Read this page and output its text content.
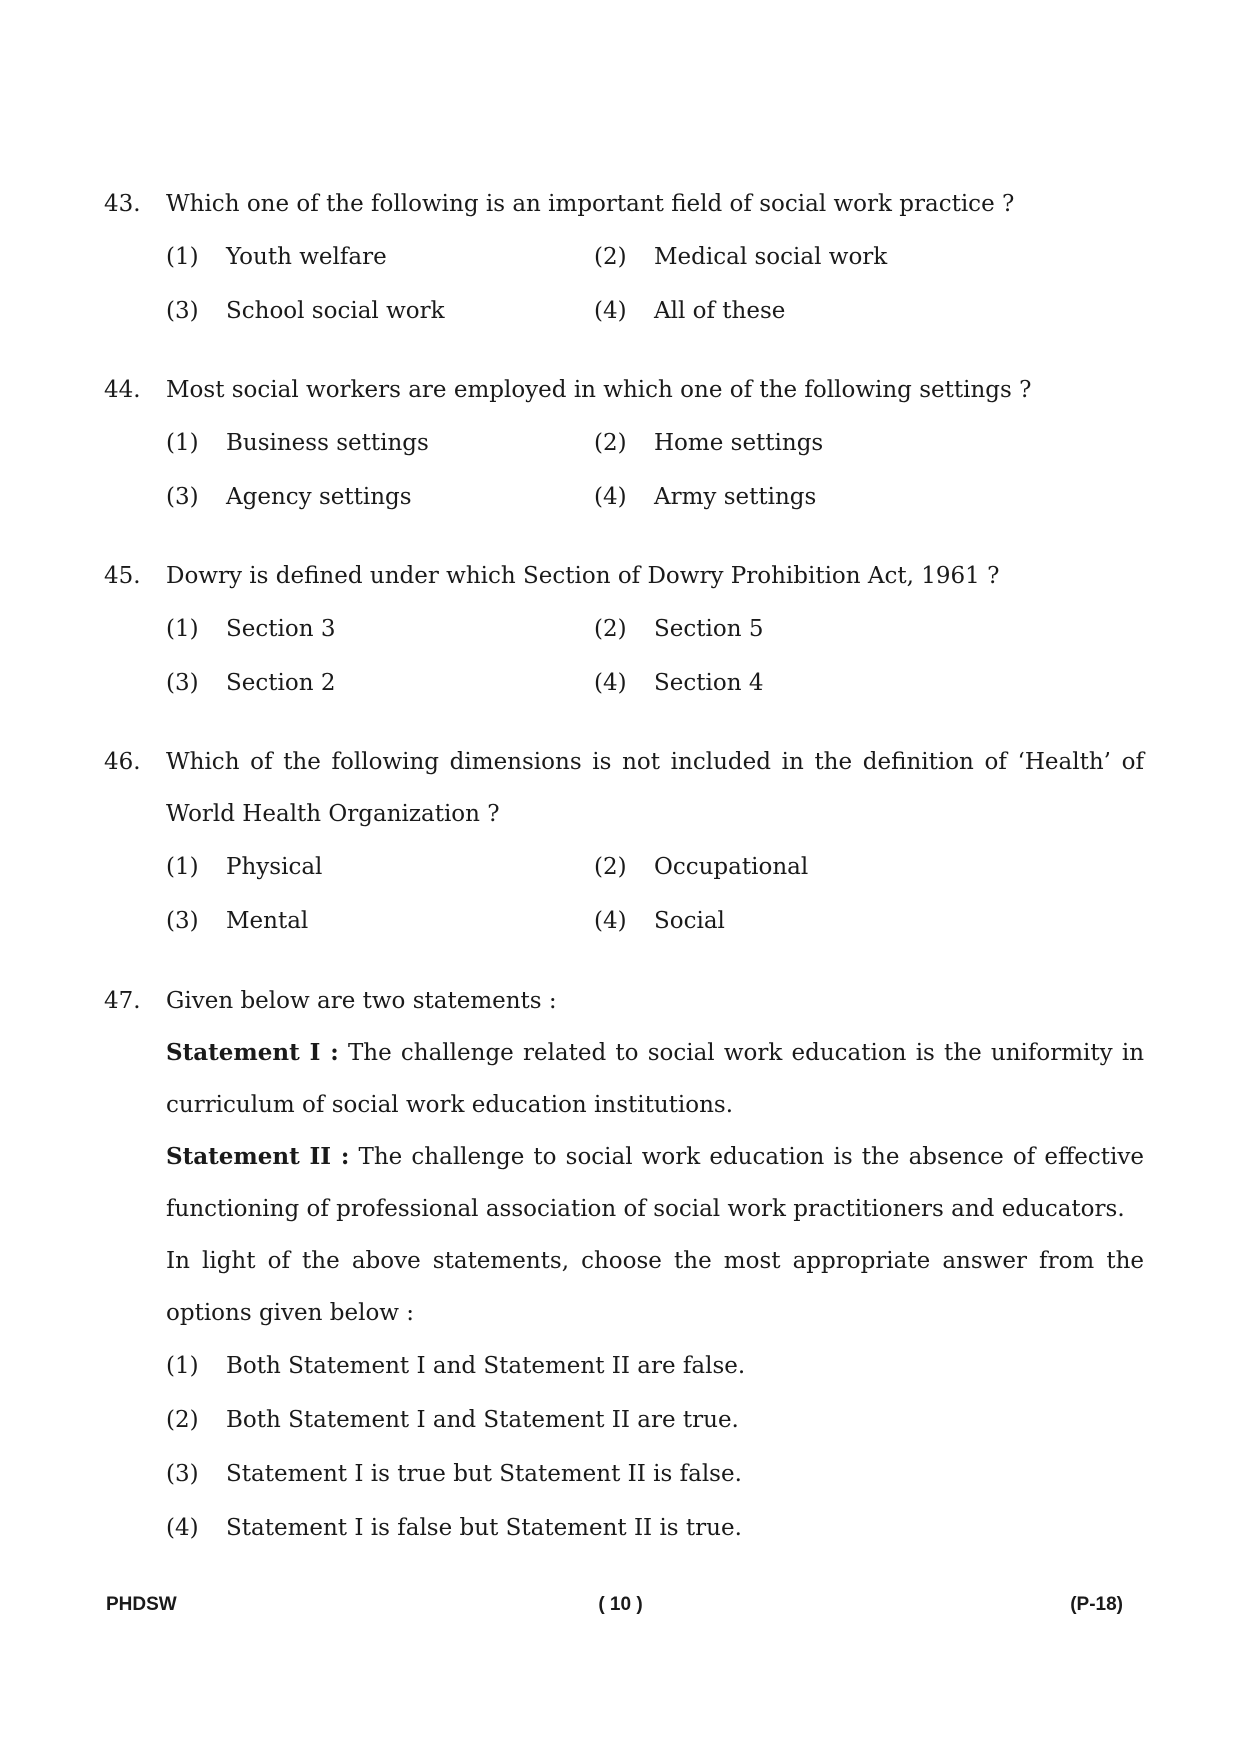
43. Which one of the following is an important field of social work practice ?
(1) Youth welfare	(2) Medical social work
(3) School social work	(4) All of these
44. Most social workers are employed in which one of the following settings ?
(1) Business settings	(2) Home settings
(3) Agency settings	(4) Army settings
45. Dowry is defined under which Section of Dowry Prohibition Act, 1961 ?
(1) Section 3	(2) Section 5
(3) Section 2	(4) Section 4
46. Which of the following dimensions is not included in the definition of ‘Health’ of World Health Organization ?
(1) Physical	(2) Occupational
(3) Mental	(4) Social
47. Given below are two statements :
Statement I : The challenge related to social work education is the uniformity in curriculum of social work education institutions.
Statement II : The challenge to social work education is the absence of effective functioning of professional association of social work practitioners and educators.
In light of the above statements, choose the most appropriate answer from the options given below :
(1) Both Statement I and Statement II are false.
(2) Both Statement I and Statement II are true.
(3) Statement I is true but Statement II is false.
(4) Statement I is false but Statement II is true.
PHDSW	( 10 )	(P-18)
